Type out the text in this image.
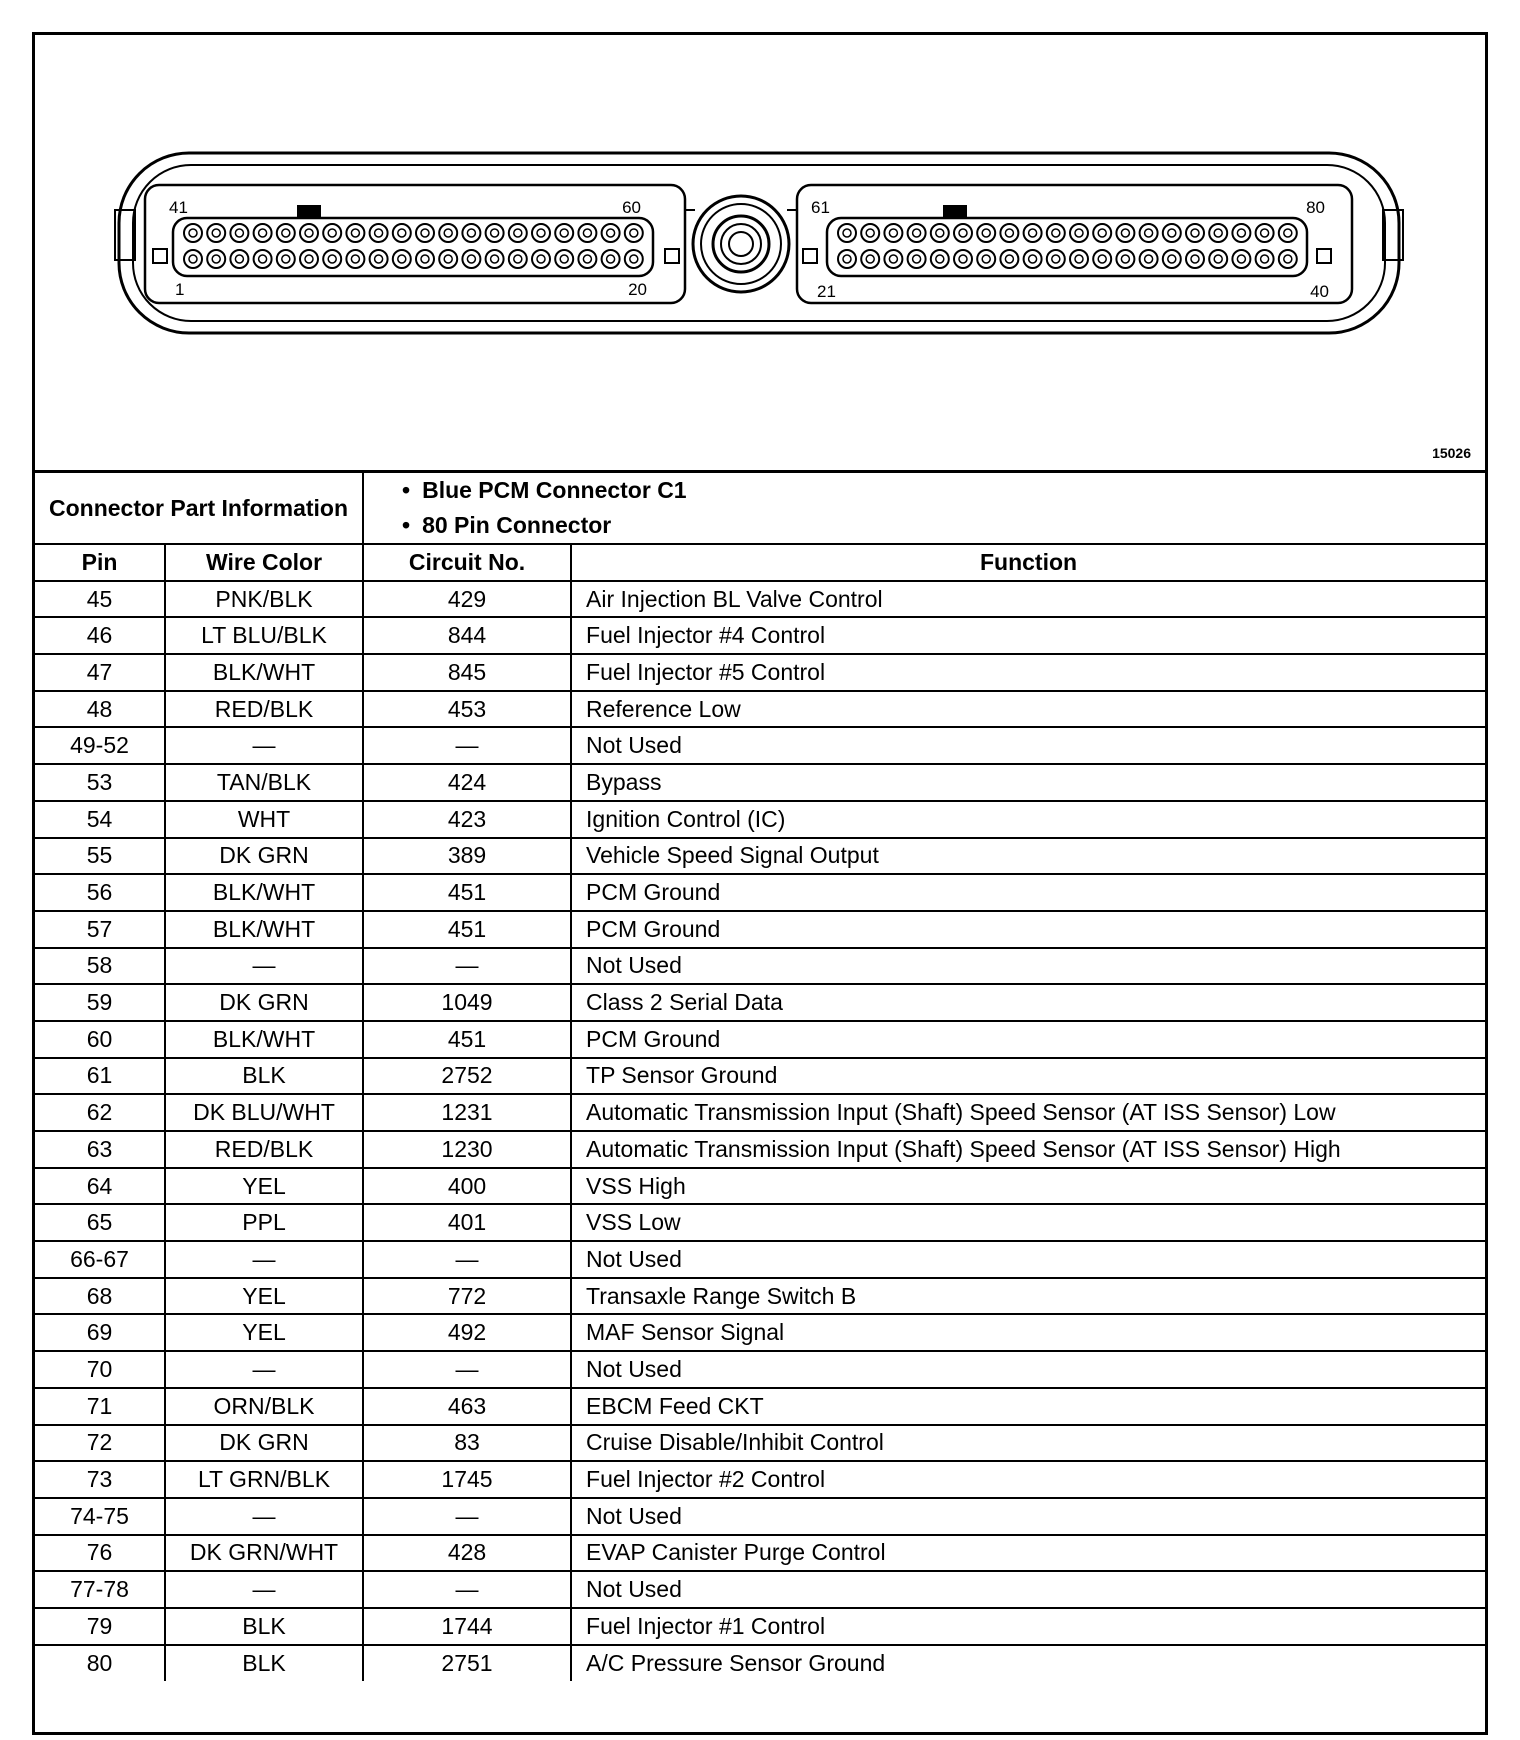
41	60
1	20
61	80
21	40
15026
Connector Part Information		• Blue PCM Connector C1
• 80 Pin Connector

Pin	Wire Color	Circuit No.	Function
45	PNK/BLK	429	Air Injection BL Valve Control
46	LT BLU/BLK	844	Fuel Injector #4 Control
47	BLK/WHT	845	Fuel Injector #5 Control
48	RED/BLK	453	Reference Low
49-52	—	—	Not Used
53	TAN/BLK	424	Bypass
54	WHT	423	Ignition Control (IC)
55	DK GRN	389	Vehicle Speed Signal Output
56	BLK/WHT	451	PCM Ground
57	BLK/WHT	451	PCM Ground
58	—	—	Not Used
59	DK GRN	1049	Class 2 Serial Data
60	BLK/WHT	451	PCM Ground
61	BLK	2752	TP Sensor Ground
62	DK BLU/WHT	1231	Automatic Transmission Input (Shaft) Speed Sensor (AT ISS Sensor) Low
63	RED/BLK	1230	Automatic Transmission Input (Shaft) Speed Sensor (AT ISS Sensor) High
64	YEL	400	VSS High
65	PPL	401	VSS Low
66-67	—	—	Not Used
68	YEL	772	Transaxle Range Switch B
69	YEL	492	MAF Sensor Signal
70	—	—	Not Used
71	ORN/BLK	463	EBCM Feed CKT
72	DK GRN	83	Cruise Disable/Inhibit Control
73	LT GRN/BLK	1745	Fuel Injector #2 Control
74-75	—	—	Not Used
76	DK GRN/WHT	428	EVAP Canister Purge Control
77-78	—	—	Not Used
79	BLK	1744	Fuel Injector #1 Control
80	BLK	2751	A/C Pressure Sensor Ground
